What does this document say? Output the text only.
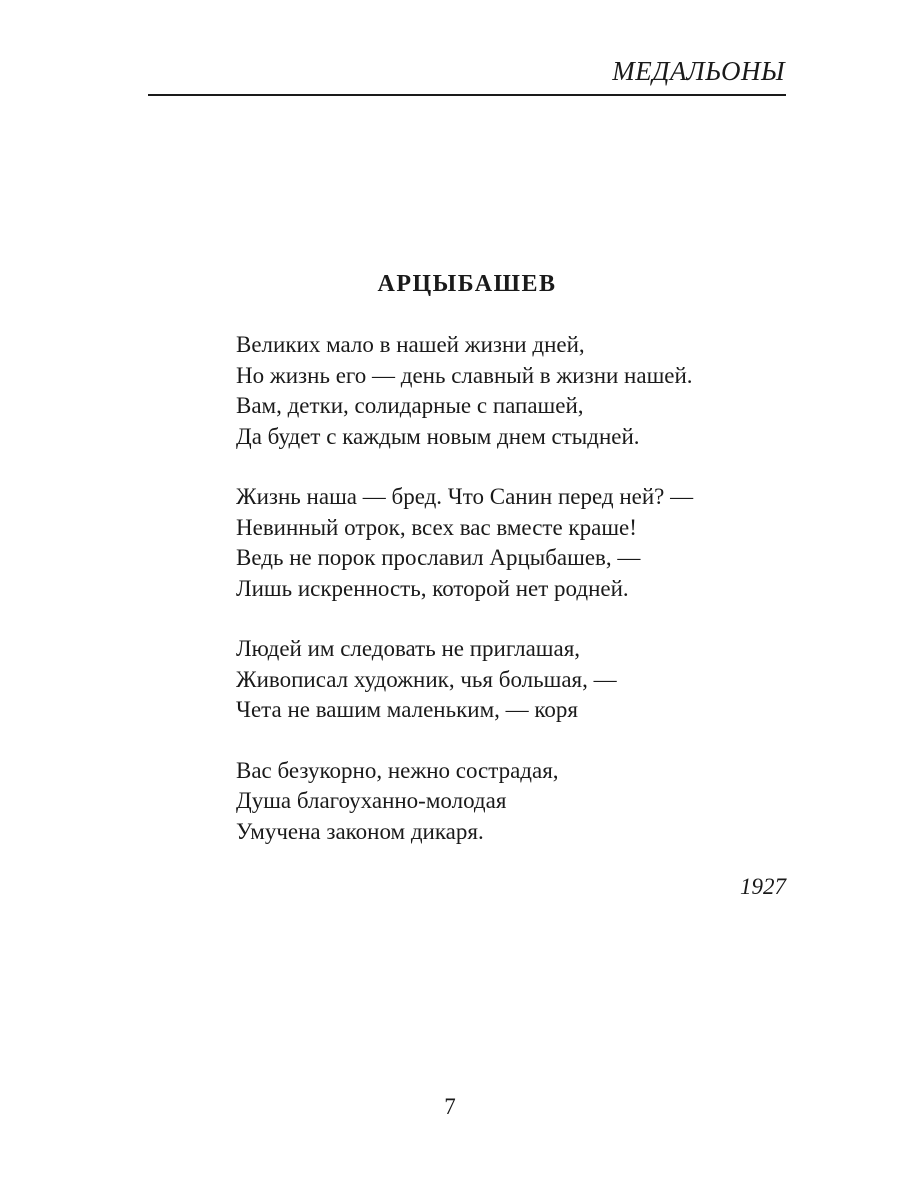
МЕДАЛЬОНЫ
АРЦЫБАШЕВ
Великих мало в нашей жизни дней,
Но жизнь его — день славный в жизни нашей.
Вам, детки, солидарные с папашей,
Да будет с каждым новым днем стыдней.
Жизнь наша — бред. Что Санин перед ней? —
Невинный отрок, всех вас вместе краше!
Ведь не порок прославил Арцыбашев, —
Лишь искренность, которой нет родней.
Людей им следовать не приглашая,
Живописал художник, чья большая, —
Чета не вашим маленьким, — коря
Вас безукорно, нежно сострадая,
Душа благоуханно-молодая
Умучена законом дикаря.
1927
7
